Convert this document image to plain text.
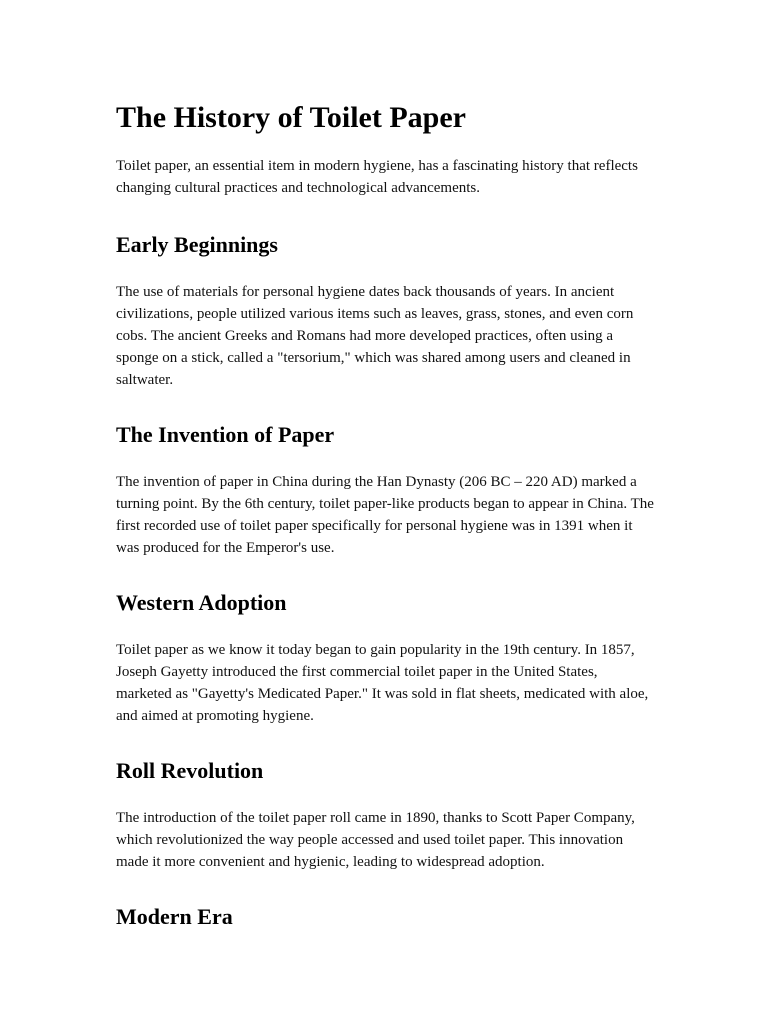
The History of Toilet Paper

Toilet paper, an essential item in modern hygiene, has a fascinating history that reflects changing cultural practices and technological advancements.

Early Beginnings

The use of materials for personal hygiene dates back thousands of years. In ancient civilizations, people utilized various items such as leaves, grass, stones, and even corn cobs. The ancient Greeks and Romans had more developed practices, often using a sponge on a stick, called a "tersorium," which was shared among users and cleaned in saltwater.

The Invention of Paper

The invention of paper in China during the Han Dynasty (206 BC – 220 AD) marked a turning point. By the 6th century, toilet paper-like products began to appear in China. The first recorded use of toilet paper specifically for personal hygiene was in 1391 when it was produced for the Emperor's use.

Western Adoption

Toilet paper as we know it today began to gain popularity in the 19th century. In 1857, Joseph Gayetty introduced the first commercial toilet paper in the United States, marketed as "Gayetty's Medicated Paper." It was sold in flat sheets, medicated with aloe, and aimed at promoting hygiene.

Roll Revolution

The introduction of the toilet paper roll came in 1890, thanks to Scott Paper Company, which revolutionized the way people accessed and used toilet paper. This innovation made it more convenient and hygienic, leading to widespread adoption.

Modern Era
